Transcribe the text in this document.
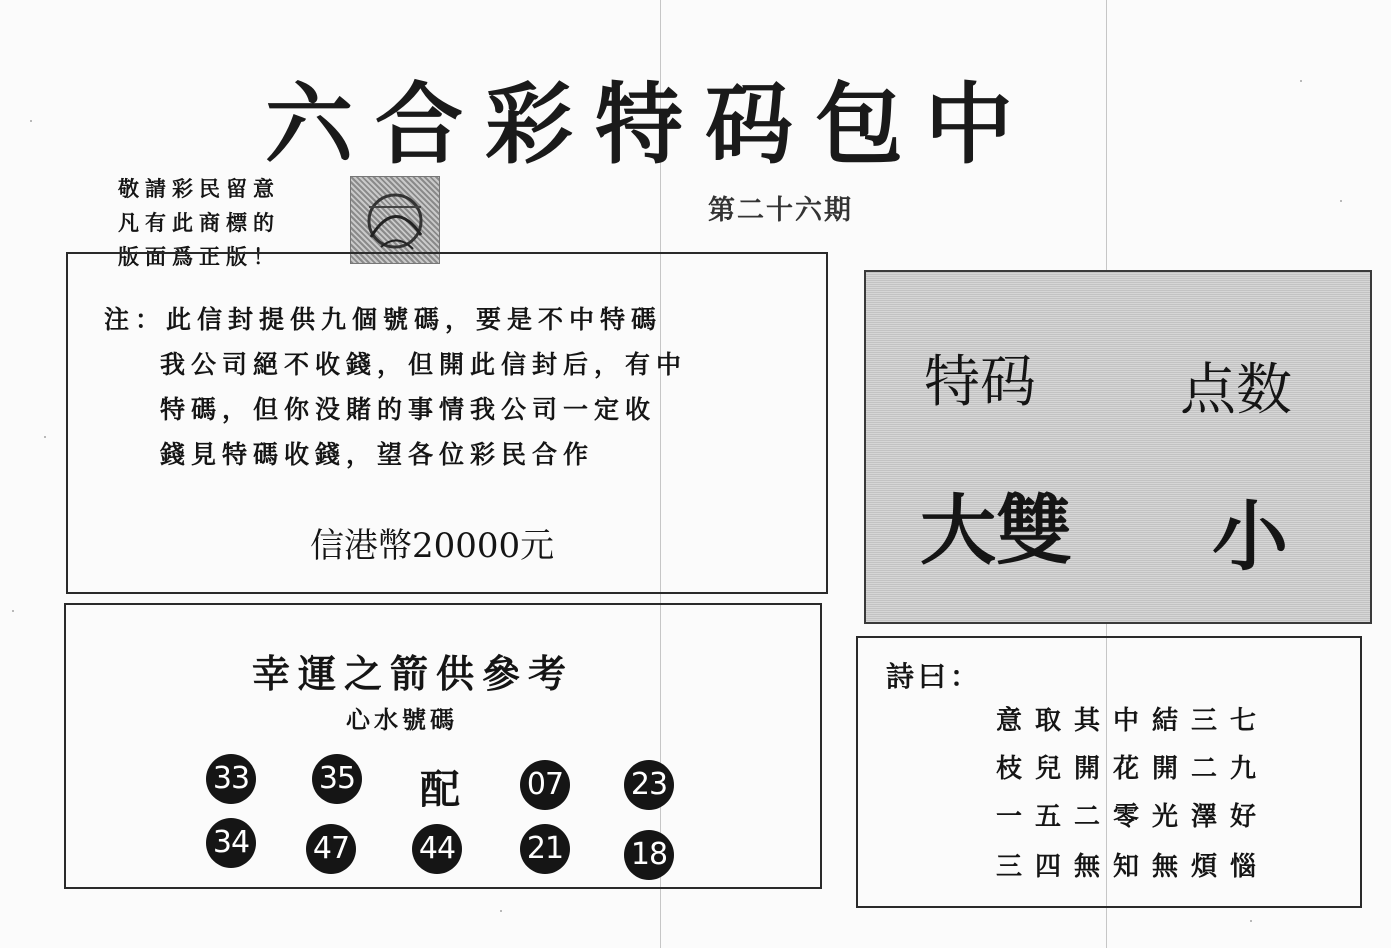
六合彩特码包中
第二十六期
敬請彩民留意
凡有此商標的
版面爲正版！
注：此信封提供九個號碼，要是不中特碼
我公司絕不收錢，但開此信封后，有中
特碼，但你没賭的事情我公司一定收
錢見特碼收錢，望各位彩民合作
信港幣20000元
特码	点数
大雙 小
幸運之箭供參考
心水號碼
33 35 配 07 23
34 47 44 21 18
詩曰：
意取其中結三七
枝兒開花開二九
一五二零光澤好
三四無知無煩惱
